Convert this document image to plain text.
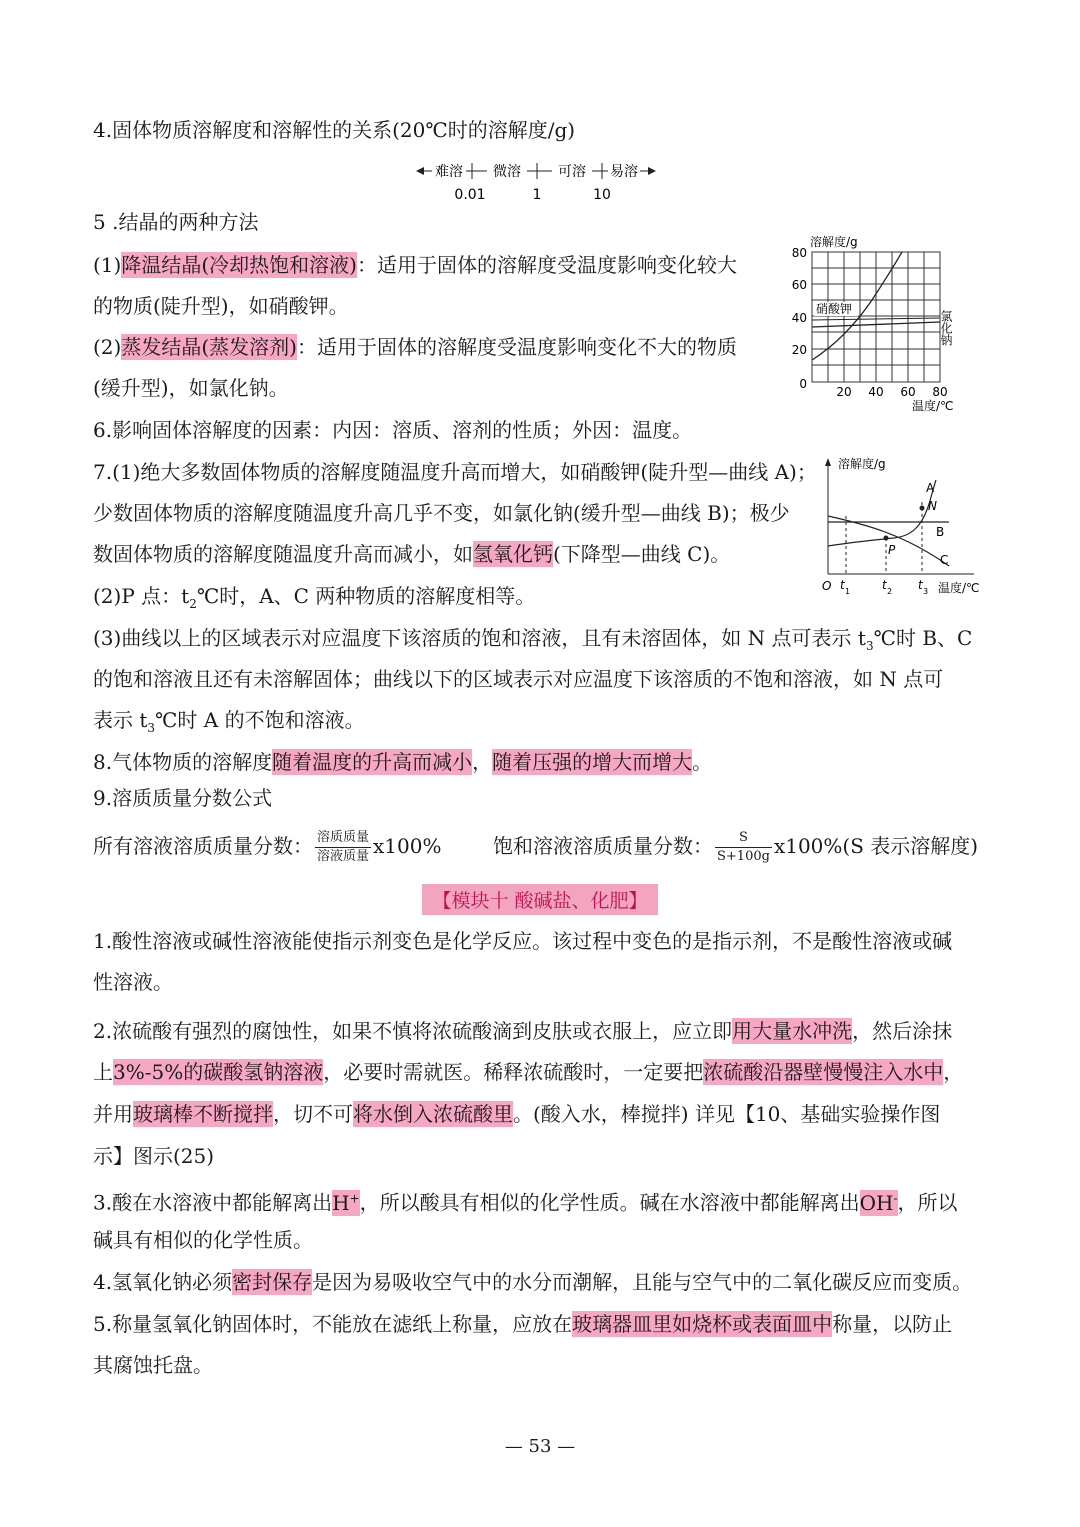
4.固体物质溶解度和溶解性的关系(20℃时的溶解度/g)
难溶 微溶	可溶 易溶
0.01	1	10
5 .结晶的两种方法
(1)降温结晶(冷却热饱和溶液)：适用于固体的溶解度受温度影响变化较大
的物质(陡升型)，如硝酸钾。
(2)蒸发结晶(蒸发溶剂)：适用于固体的溶解度受温度影响变化不大的物质
(缓升型)，如氯化钠。
溶解度/g
硝酸钾
氯化钠
80
60
40
20
0
20 40 60 80
温度/℃
6.影响固体溶解度的因素：内因：溶质、溶剂的性质；外因：温度。
7.(1)绝大多数固体物质的溶解度随温度升高而增大，如硝酸钾(陡升型—曲线 A)；
少数固体物质的溶解度随温度升高几乎不变，如氯化钠(缓升型—曲线 B)；极少
数固体物质的溶解度随温度升高而减小，如氢氧化钙(下降型—曲线 C)。
溶解度/g
A
N
B
C
P
O t 1	t 2 t 3 温度/℃
(2)P 点：$t_2℃$时，A、C 两种物质的溶解度相等。
(3)曲线以上的区域表示对应温度下该溶质的饱和溶液，且有未溶固体，如 N 点可表示 $t_3℃$时 B、C
的饱和溶液且还有未溶解固体；曲线以下的区域表示对应温度下该溶质的不饱和溶液，如 N 点可
表示 $t_3℃$时 A 的不饱和溶液。
8.气体物质的溶解度随着温度的升高而减小，随着压强的增大而增大。
9.溶质质量分数公式
所有溶液溶质质量分数： $\frac{\text{溶质质量}}{\text{溶液质量}} x100\%$	饱和溶液溶质质量分数： $\frac{S}{S+100g} x100\%(S$ 表示溶解度)
【模块十 酸碱盐、化肥】
1.酸性溶液或碱性溶液能使指示剂变色是化学反应。该过程中变色的是指示剂，不是酸性溶液或碱
性溶液。
2.浓硫酸有强烈的腐蚀性，如果不慎将浓硫酸滴到皮肤或衣服上，应立即用大量水冲洗，然后涂抹
上3%-5%的碳酸氢钠溶液，必要时需就医。稀释浓硫酸时，一定要把浓硫酸沿器壁慢慢注入水中，
并用玻璃棒不断搅拌，切不可将水倒入浓硫酸里。(酸入水，棒搅拌) 详见【10、基础实验操作图
示】图示(25)
3.酸在水溶液中都能解离出H+，所以酸具有相似的化学性质。碱在水溶液中都能解离出OH-，所以
碱具有相似的化学性质。
4.氢氧化钠必须密封保存是因为易吸收空气中的水分而潮解，且能与空气中的二氧化碳反应而变质。
5.称量氢氧化钠固体时，不能放在滤纸上称量，应放在玻璃器皿里如烧杯或表面皿中称量，以防止
其腐蚀托盘。
— 53 —
